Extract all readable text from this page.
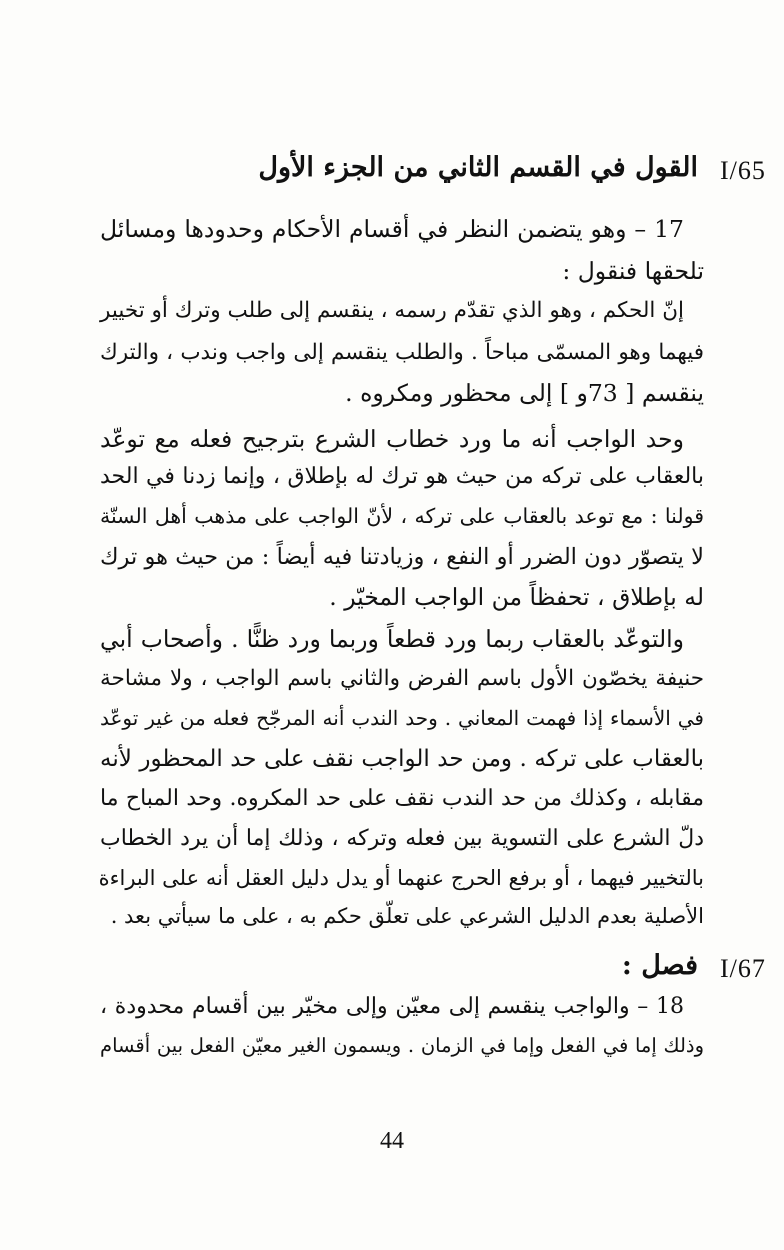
I/65
القول في القسم الثاني من الجزء الأول
17 – وهو يتضمن النظر في أقسام الأحكام وحدودها ومسائل
تلحقها فنقول :
إنّ الحكم ، وهو الذي تقدّم رسمه ، ينقسم إلى طلب وترك أو تخيير
فيهما وهو المسمّى مباحاً . والطلب ينقسم إلى واجب وندب ، والترك
ينقسم [ 73و ] إلى محظور ومكروه .
وحد الواجب أنه ما ورد خطاب الشرع بترجيح فعله مع توعّد
بالعقاب على تركه من حيث هو ترك له بإطلاق ، وإنما زدنا في الحد
قولنا : مع توعد بالعقاب على تركه ، لأنّ الواجب على مذهب أهل السنّة
لا يتصوّر دون الضرر أو النفع ، وزيادتنا فيه أيضاً : من حيث هو ترك
له بإطلاق ، تحفظاً من الواجب المخيّر .
والتوعّد بالعقاب ربما ورد قطعاً وربما ورد ظنًّا . وأصحاب أبي
حنيفة يخصّون الأول باسم الفرض والثاني باسم الواجب ، ولا مشاحة
في الأسماء إذا فهمت المعاني . وحد الندب أنه المرجّح فعله من غير توعّد
بالعقاب على تركه . ومن حد الواجب نقف على حد المحظور لأنه
مقابله ، وكذلك من حد الندب نقف على حد المكروه. وحد المباح ما
دلّ الشرع على التسوية بين فعله وتركه ، وذلك إما أن يرد الخطاب
بالتخيير فيهما ، أو برفع الحرج عنهما أو يدل دليل العقل أنه على البراءة
الأصلية بعدم الدليل الشرعي على تعلّق حكم به ، على ما سيأتي بعد .
I/67
فصل :
18 – والواجب ينقسم إلى معيّن وإلى مخيّر بين أقسام محدودة ،
وذلك إما في الفعل وإما في الزمان . ويسمون الغير معيّن الفعل بين أقسام
44
